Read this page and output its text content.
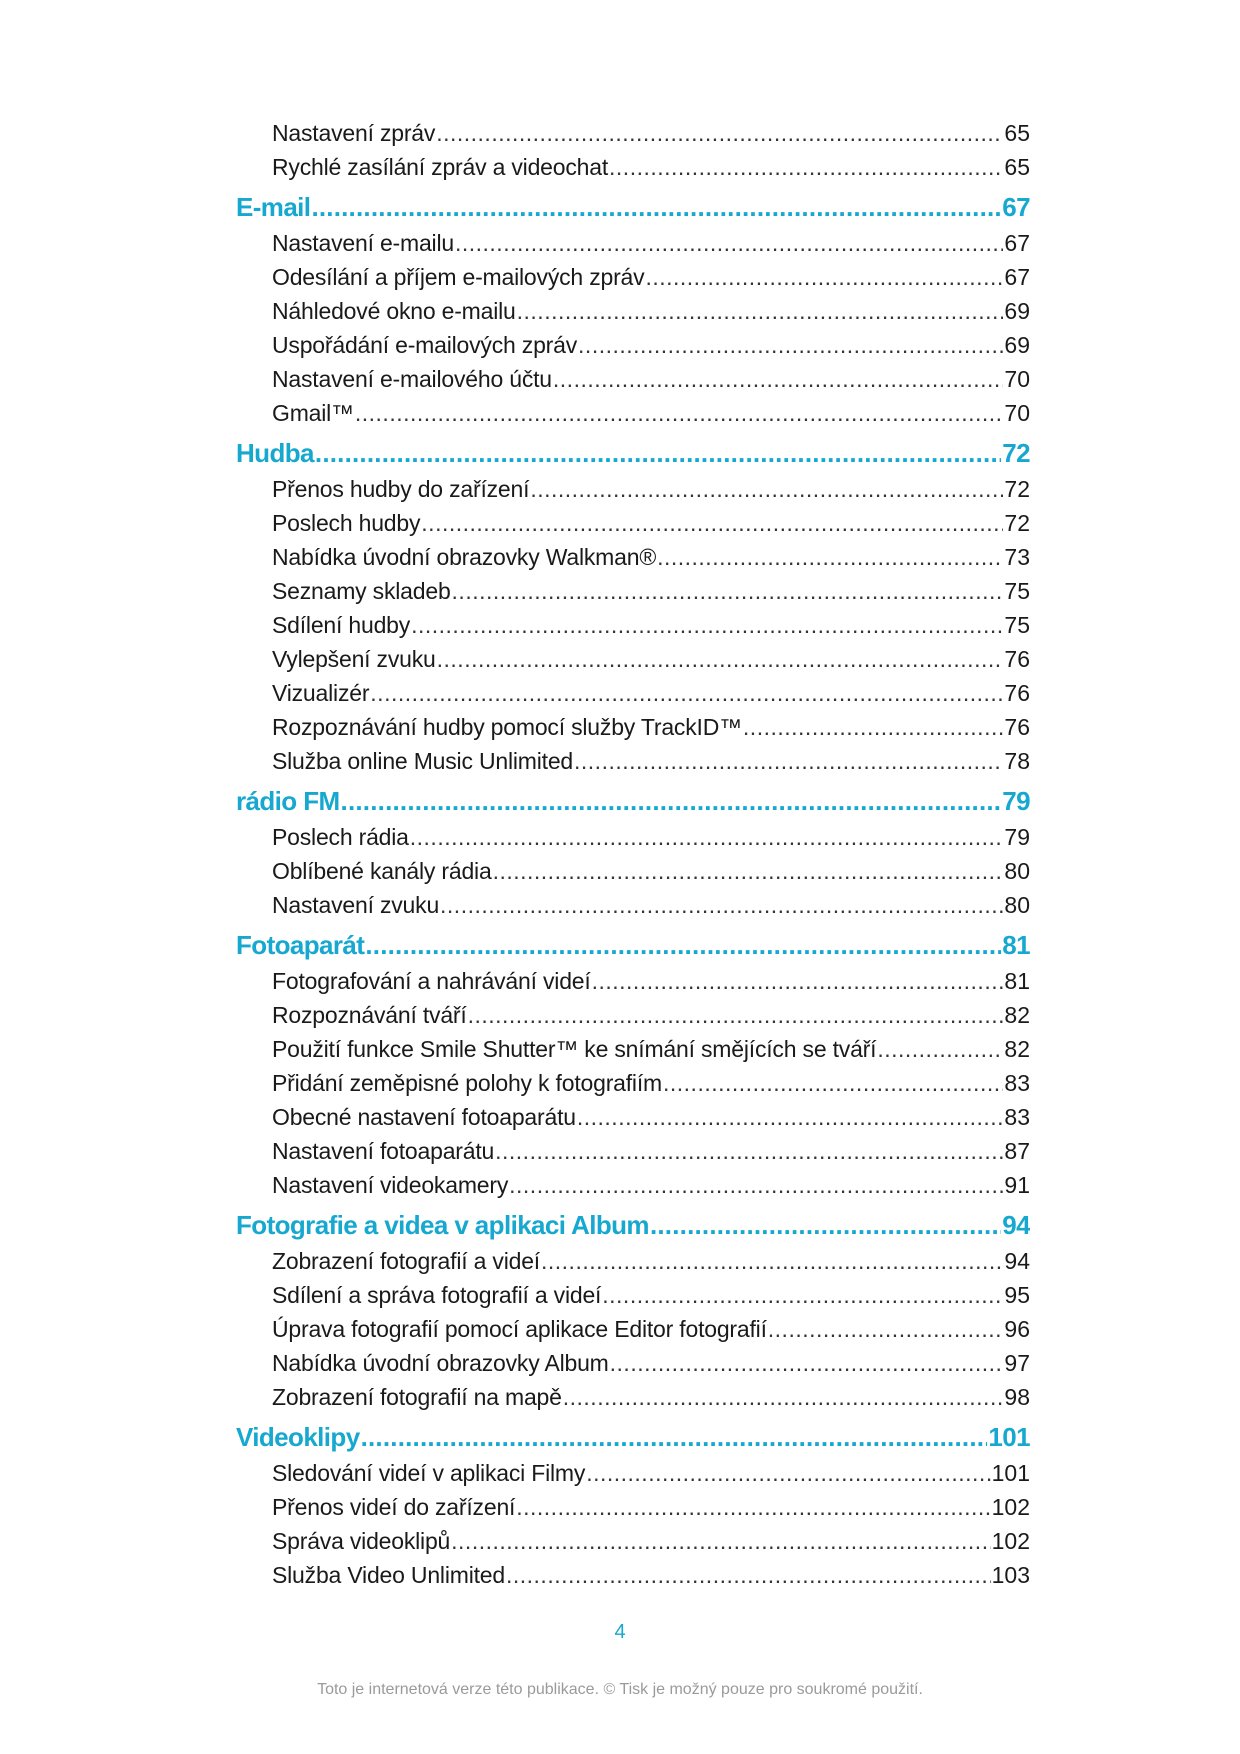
Nastavení zpráv .....	65
Rychlé zasílání zpráv a videochat .....	65
E-mail .....	67
Nastavení e-mailu .....	67
Odesílání a příjem e-mailových zpráv .....	67
Náhledové okno e-mailu .....	69
Uspořádání e-mailových zpráv .....	69
Nastavení e-mailového účtu .....	70
Gmail™ .....	70
Hudba .....	72
Přenos hudby do zařízení .....	72
Poslech hudby .....	72
Nabídka úvodní obrazovky Walkman® .....	73
Seznamy skladeb .....	75
Sdílení hudby .....	75
Vylepšení zvuku .....	76
Vizualizér .....	76
Rozpoznávání hudby pomocí služby TrackID™ .....	76
Služba online Music Unlimited .....	78
rádio FM .....	79
Poslech rádia .....	79
Oblíbené kanály rádia .....	80
Nastavení zvuku .....	80
Fotoaparát .....	81
Fotografování a nahrávání videí .....	81
Rozpoznávání tváří .....	82
Použití funkce Smile Shutter™ ke snímání smějících se tváří .....	82
Přidání zeměpisné polohy k fotografiím .....	83
Obecné nastavení fotoaparátu .....	83
Nastavení fotoaparátu .....	87
Nastavení videokamery .....	91
Fotografie a videa v aplikaci Album .....	94
Zobrazení fotografií a videí .....	94
Sdílení a správa fotografií a videí .....	95
Úprava fotografií pomocí aplikace Editor fotografií .....	96
Nabídka úvodní obrazovky Album .....	97
Zobrazení fotografií na mapě .....	98
Videoklipy .....	101
Sledování videí v aplikaci Filmy .....	101
Přenos videí do zařízení .....	102
Správa videoklipů .....	102
Služba Video Unlimited .....	103
4
Toto je internetová verze této publikace. © Tisk je možný pouze pro soukromé použití.
